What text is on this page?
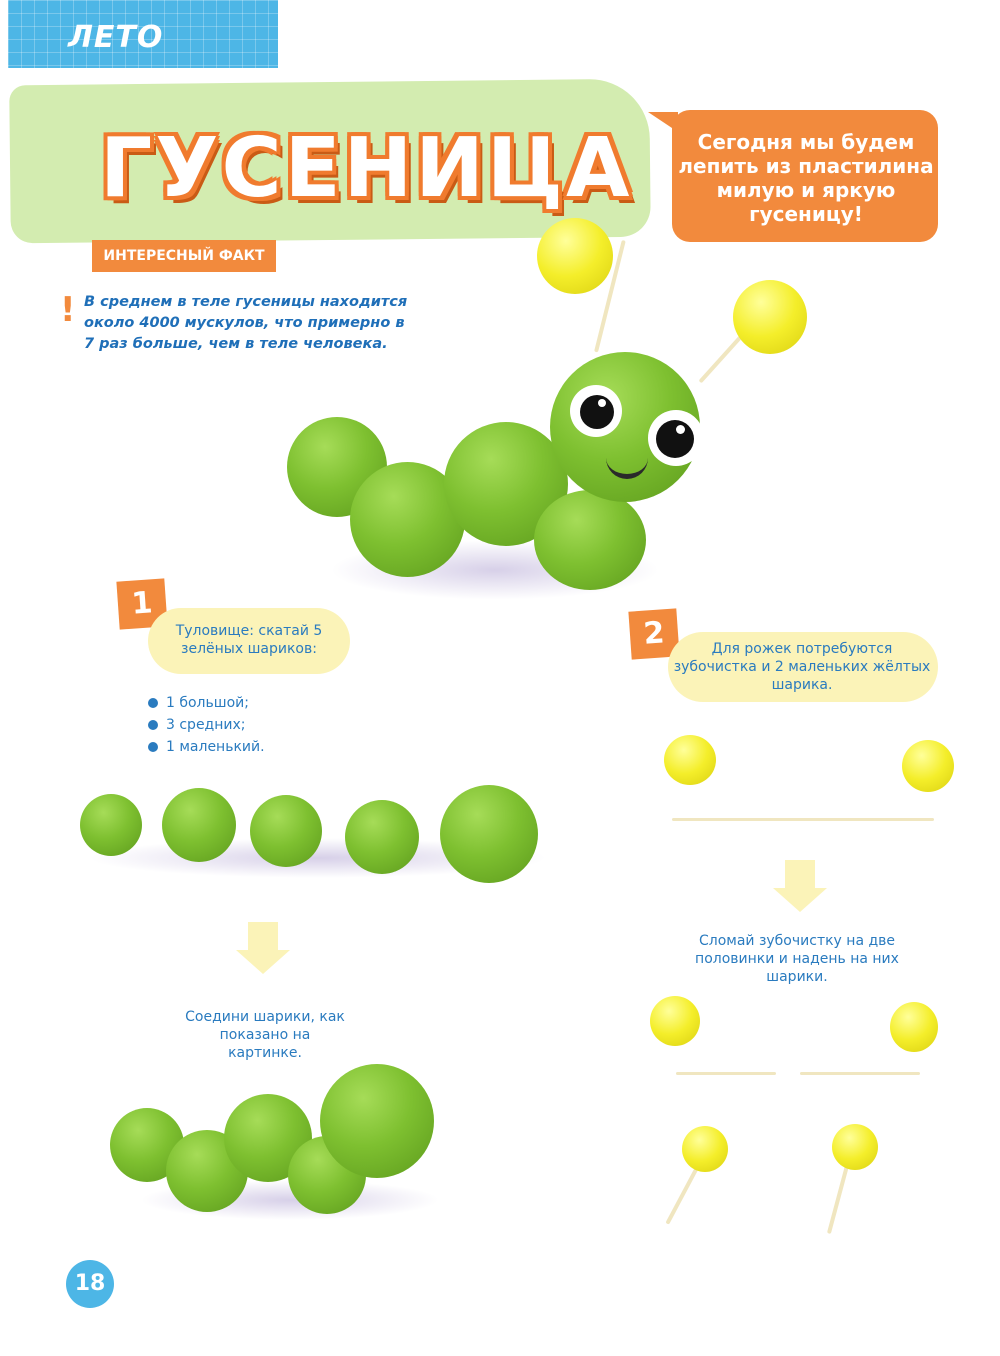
ЛЕТО
ГУСЕНИЦА	Сегодня мы будем лепить из пластилина милую и яркую гусеницу!
ИНТЕРЕСНЫЙ ФАКТ
! В среднем в теле гусеницы находится около 4000 мускулов, что примерно в 7 раз больше, чем в теле человека.
1
Туловище: скатай 5 зелёных шариков:
1 большой;
3 средних;
1 маленький.
Соедини шарики, как показано на картинке.
2	Для рожек потребуются зубочистка и 2 маленьких жёлтых шарика.
Сломай зубочистку на две половинки и надень на них шарики.
18
